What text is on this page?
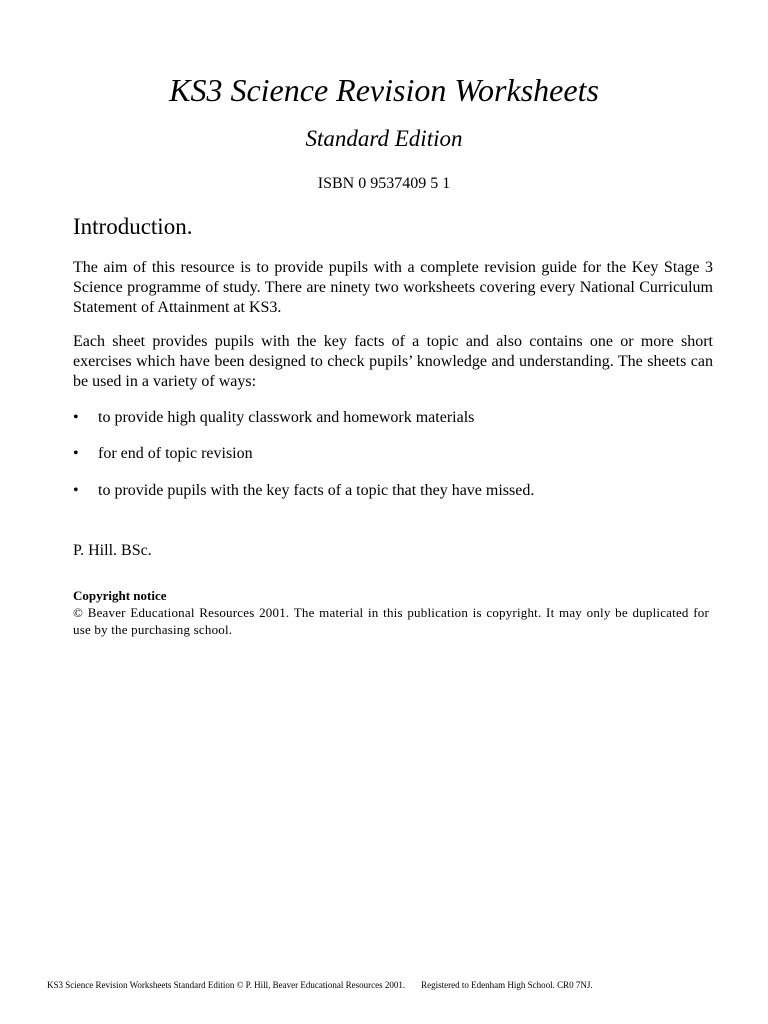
KS3 Science Revision Worksheets
Standard Edition
ISBN 0 9537409 5 1
Introduction.
The aim of this resource is to provide pupils with a complete revision guide for the Key Stage 3 Science programme of study. There are ninety two worksheets covering every National Curriculum Statement of Attainment at KS3.
Each sheet provides pupils with the key facts of a topic and also contains one or more short exercises which have been designed to check pupils’ knowledge and understanding. The sheets can be used in a variety of ways:
•	to provide high quality classwork and homework materials
•	for end of topic revision
•	to provide pupils with the key facts of a topic that they have missed.
P. Hill. BSc.
Copyright notice
© Beaver Educational Resources 2001. The material in this publication is copyright. It may only be duplicated for use by the purchasing school.
KS3 Science Revision Worksheets Standard Edition © P. Hill, Beaver Educational Resources 2001. Registered to Edenham High School. CR0 7NJ.
